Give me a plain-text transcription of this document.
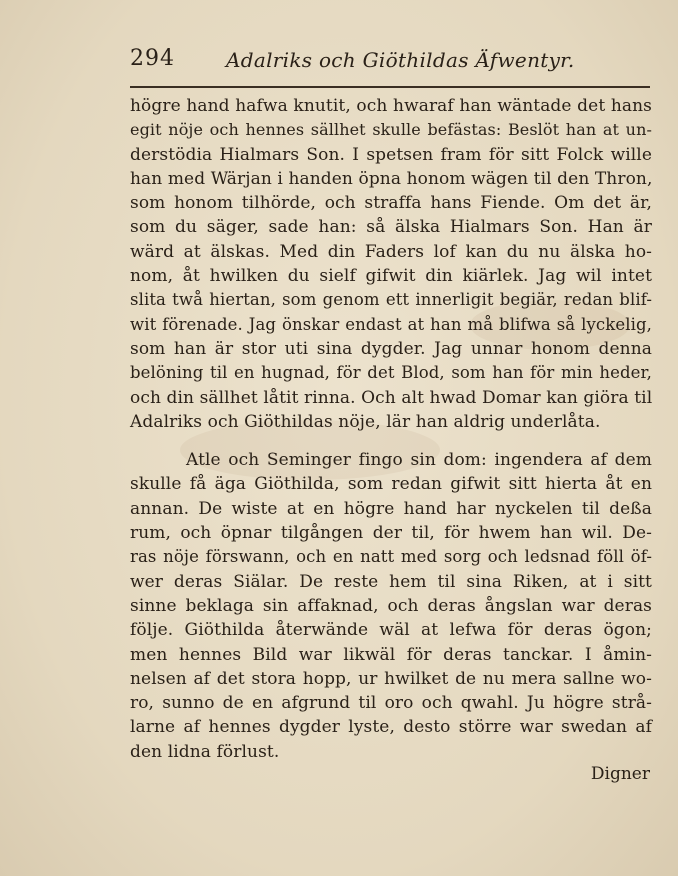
294	Adalriks och Giöthildas Äfwentyr.
högre hand hafwa knutit, och hwaraf han wäntade det hans
egit nöje och hennes sällhet skulle befästas: Beslöt han at un-
derstödia Hialmars Son. I spetsen fram för sitt Folck wille
han med Wärjan i handen öpna honom wägen til den Thron,
som honom tilhörde, och straffa hans Fiende. Om det är,
som du säger, sade han: så älska Hialmars Son. Han är
wärd at älskas. Med din Faders lof kan du nu älska ho-
nom, åt hwilken du sielf gifwit din kiärlek. Jag wil intet
slita twå hiertan, som genom ett innerligit begiär, redan blif-
wit förenade. Jag önskar endast at han må blifwa så lyckelig,
som han är stor uti sina dygder. Jag unnar honom denna
belöning til en hugnad, för det Blod, som han för min heder,
och din sällhet låtit rinna. Och alt hwad Domar kan giöra til
Adalriks och Giöthildas nöje, lär han aldrig underlåta.
Atle och Seminger fingo sin dom: ingendera af dem
skulle få äga Giöthilda, som redan gifwit sitt hierta åt en
annan. De wiste at en högre hand har nyckelen til deßa
rum, och öpnar tilgången der til, för hwem han wil. De-
ras nöje förswann, och en natt med sorg och ledsnad föll öf-
wer deras Siälar. De reste hem til sina Riken, at i sitt
sinne beklaga sin affaknad, och deras ångslan war deras
följe. Giöthilda återwände wäl at lefwa för deras ögon;
men hennes Bild war likwäl för deras tanckar. I åmin-
nelsen af det stora hopp, ur hwilket de nu mera sallne wo-
ro, sunno de en afgrund til oro och qwahl. Ju högre strå-
larne af hennes dygder lyste, desto större war swedan af
den lidna förlust.
Digner
